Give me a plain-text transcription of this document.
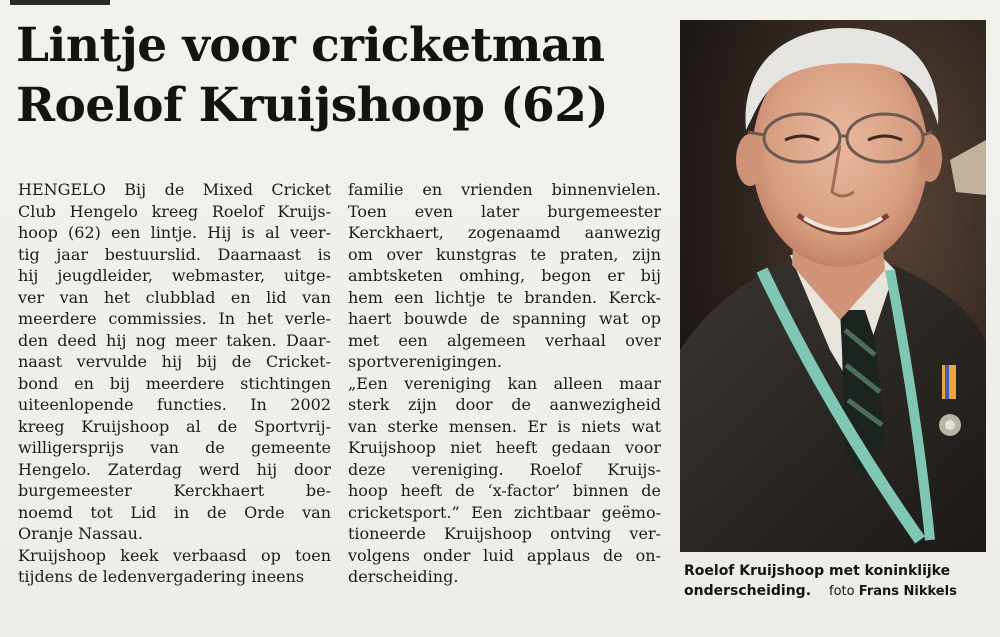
Lintje voor cricketman
Roelof Kruijshoop (62)
HENGELO Bij de Mixed Cricket
Club Hengelo kreeg Roelof Kruijs-
hoop (62) een lintje. Hij is al veer-
tig jaar bestuurslid. Daarnaast is
hij jeugdleider, webmaster, uitge-
ver van het clubblad en lid van
meerdere commissies. In het verle-
den deed hij nog meer taken. Daar-
naast vervulde hij bij de Cricket-
bond en bij meerdere stichtingen
uiteenlopende functies. In 2002
kreeg Kruijshoop al de Sportvrij-
willigersprijs van de gemeente
Hengelo. Zaterdag werd hij door
burgemeester Kerckhaert be-
noemd tot Lid in de Orde van
Oranje Nassau.
Kruijshoop keek verbaasd op toen
tijdens de ledenvergadering ineens
familie en vrienden binnenvielen.
Toen even later burgemeester
Kerckhaert, zogenaamd aanwezig
om over kunstgras te praten, zijn
ambtsketen omhing, begon er bij
hem een lichtje te branden. Kerck-
haert bouwde de spanning wat op
met een algemeen verhaal over
sportverenigingen.
„Een vereniging kan alleen maar
sterk zijn door de aanwezigheid
van sterke mensen. Er is niets wat
Kruijshoop niet heeft gedaan voor
deze vereniging. Roelof Kruijs-
hoop heeft de ‘x-factor’ binnen de
cricketsport.” Een zichtbaar geëmo-
tioneerde Kruijshoop ontving ver-
volgens onder luid applaus de on-
derscheiding.	Roelof Kruijshoop met koninklijke
onderscheiding. foto Frans Nikkels
